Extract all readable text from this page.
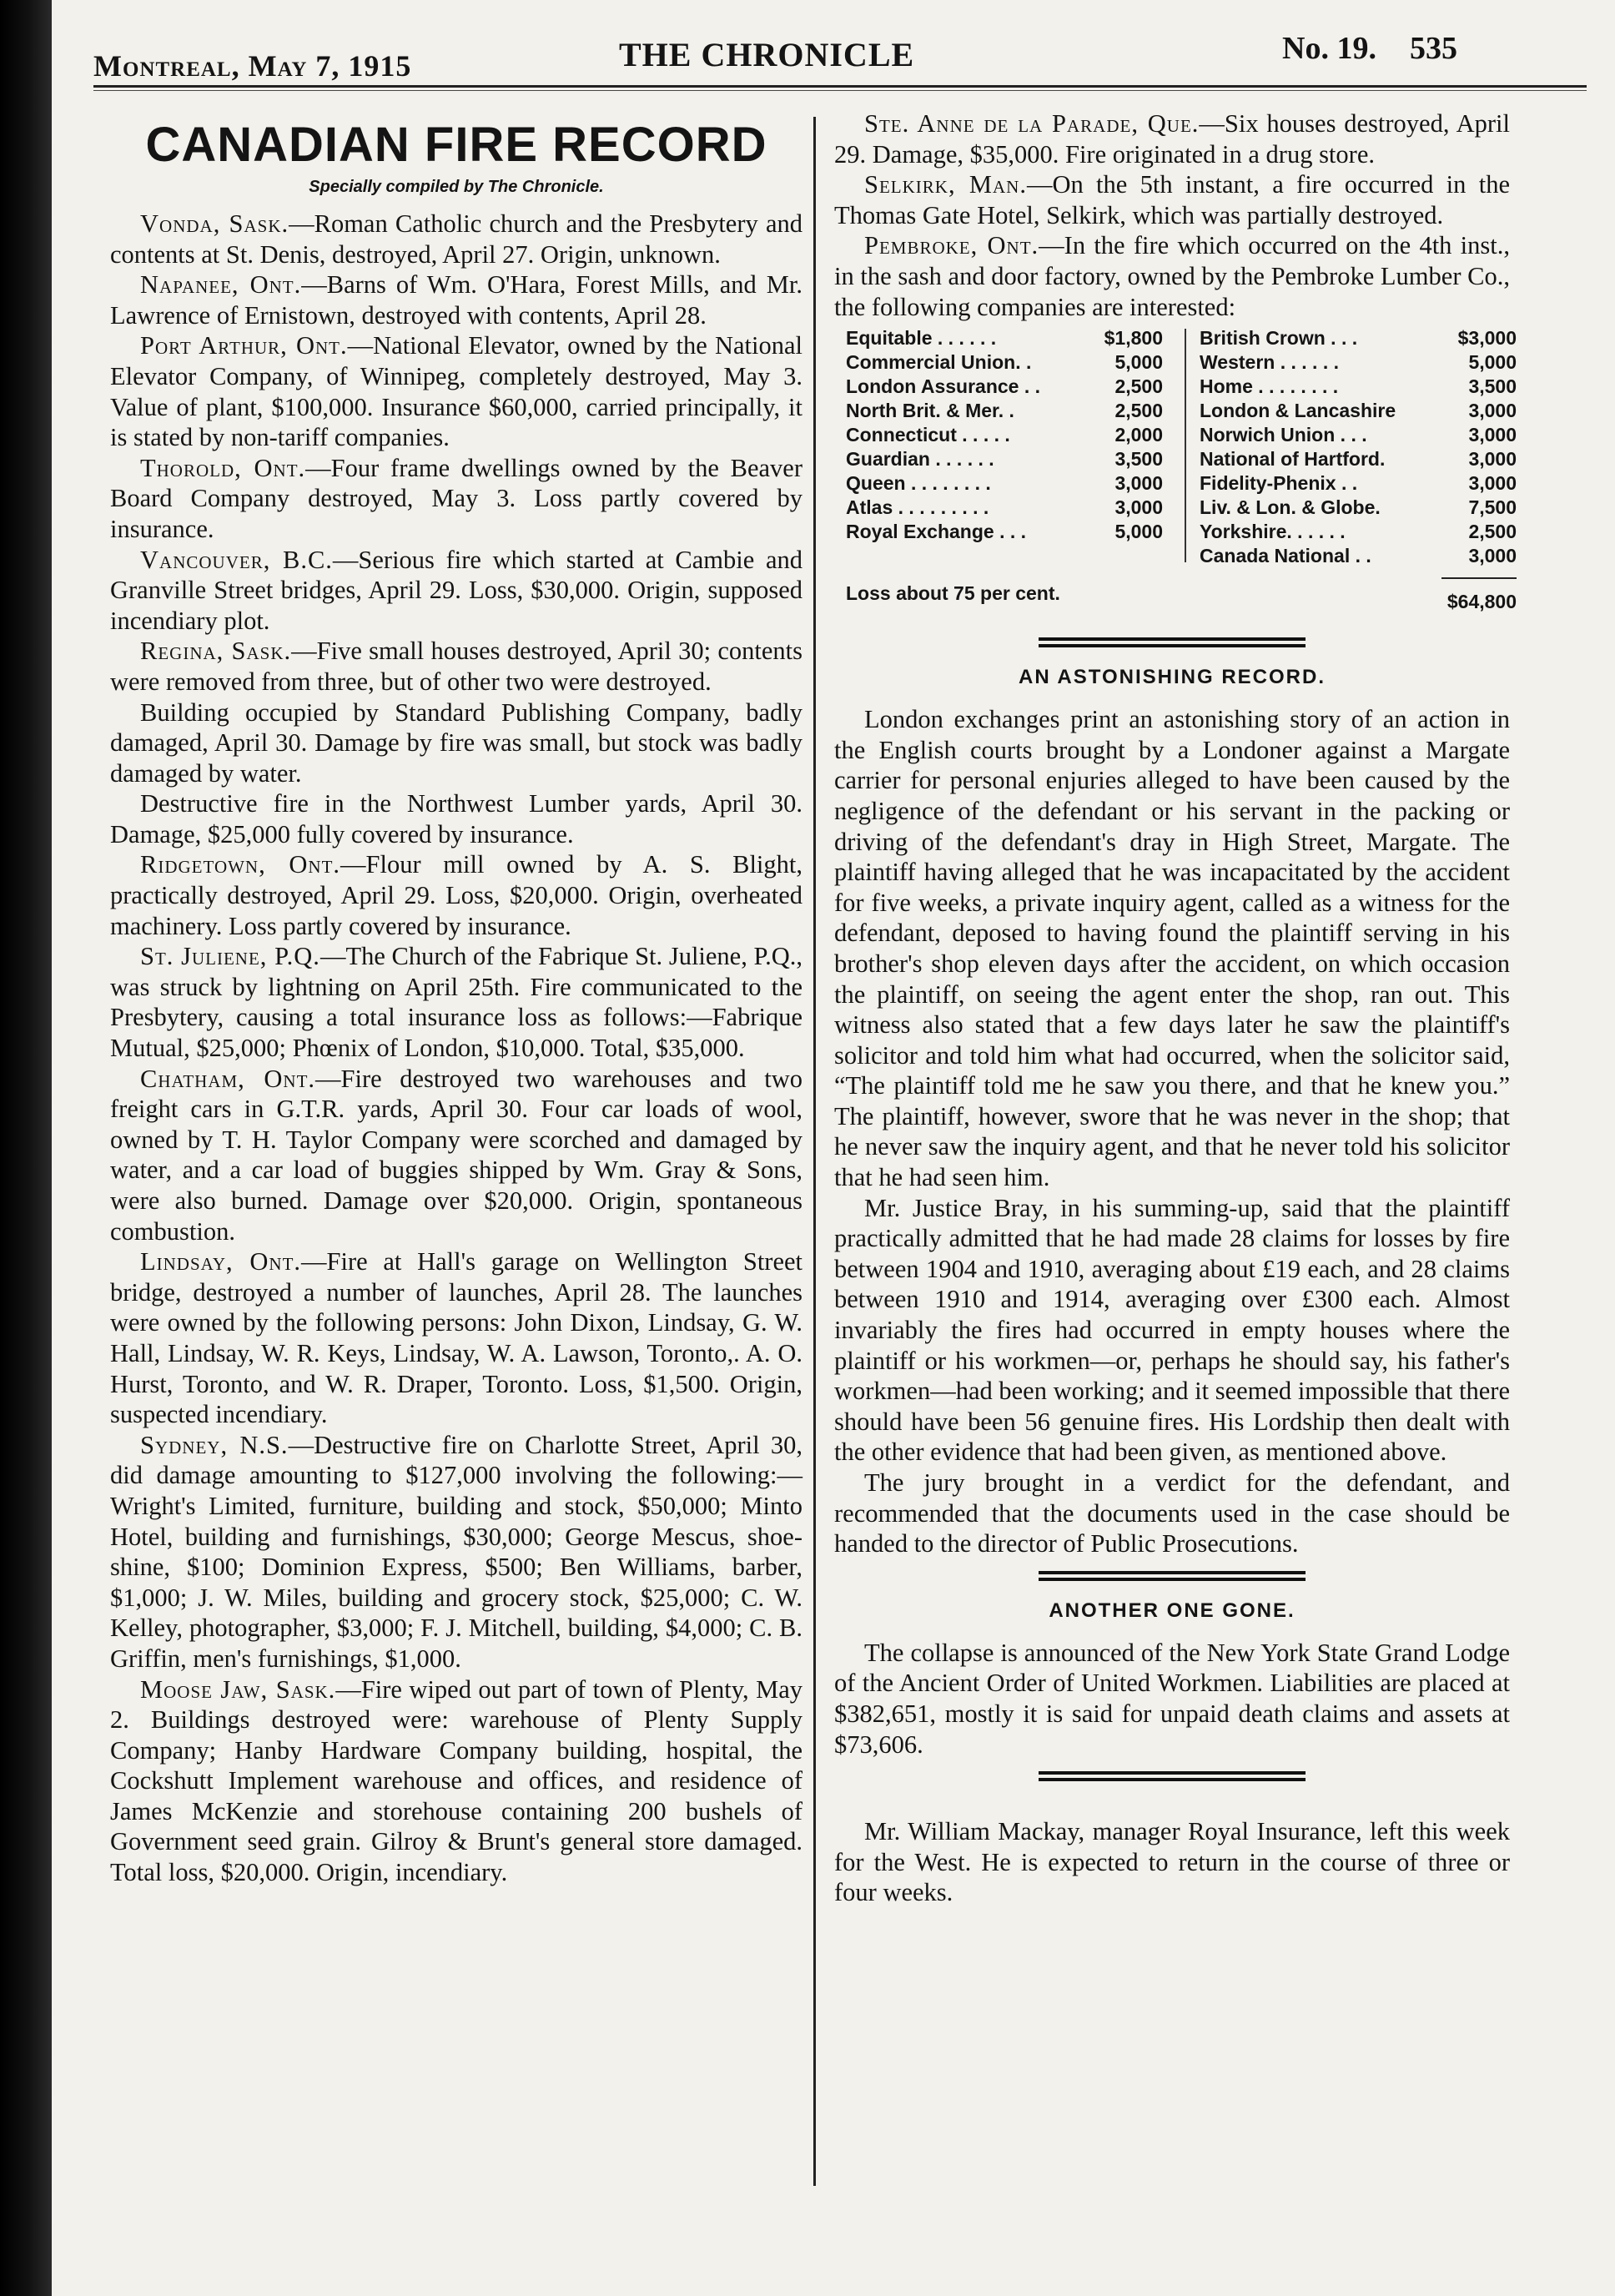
Montreal, May 7, 1915	THE CHRONICLE	No. 19. 535
CANADIAN FIRE RECORD
Specially compiled by The Chronicle.

Vonda, Sask.—Roman Catholic church and the Presbytery and contents at St. Denis, destroyed, April 27. Origin, unknown.

Napanee, Ont.—Barns of Wm. O'Hara, Forest Mills, and Mr. Lawrence of Ernistown, destroyed with contents, April 28.

Port Arthur, Ont.—National Elevator, owned by the National Elevator Company, of Winnipeg, completely destroyed, May 3. Value of plant, $100,000. Insurance $60,000, carried principally, it is stated by non-tariff companies.

Thorold, Ont.—Four frame dwellings owned by the Beaver Board Company destroyed, May 3. Loss partly covered by insurance.

Vancouver, B.C.—Serious fire which started at Cambie and Granville Street bridges, April 29. Loss, $30,000. Origin, supposed incendiary plot.

Regina, Sask.—Five small houses destroyed, April 30; contents were removed from three, but of other two were destroyed.

Building occupied by Standard Publishing Company, badly damaged, April 30. Damage by fire was small, but stock was badly damaged by water.

Destructive fire in the Northwest Lumber yards, April 30. Damage, $25,000 fully covered by insurance.

Ridgetown, Ont.—Flour mill owned by A. S. Blight, practically destroyed, April 29. Loss, $20,000. Origin, overheated machinery. Loss partly covered by insurance.

St. Juliene, P.Q.—The Church of the Fabrique St. Juliene, P.Q., was struck by lightning on April 25th. Fire communicated to the Presbytery, causing a total insurance loss as follows:—Fabrique Mutual, $25,000; Phœnix of London, $10,000. Total, $35,000.

Chatham, Ont.—Fire destroyed two warehouses and two freight cars in G.T.R. yards, April 30. Four car loads of wool, owned by T. H. Taylor Company were scorched and damaged by water, and a car load of buggies shipped by Wm. Gray & Sons, were also burned. Damage over $20,000. Origin, spontaneous combustion.

Lindsay, Ont.—Fire at Hall's garage on Wellington Street bridge, destroyed a number of launches, April 28. The launches were owned by the following persons: John Dixon, Lindsay, G. W. Hall, Lindsay, W. R. Keys, Lindsay, W. A. Lawson, Toronto,. A. O. Hurst, Toronto, and W. R. Draper, Toronto. Loss, $1,500. Origin, suspected incendiary.

Sydney, N.S.—Destructive fire on Charlotte Street, April 30, did damage amounting to $127,000 involving the following:—Wright's Limited, furniture, building and stock, $50,000; Minto Hotel, building and furnishings, $30,000; George Mescus, shoe-shine, $100; Dominion Express, $500; Ben Williams, barber, $1,000; J. W. Miles, building and grocery stock, $25,000; C. W. Kelley, photographer, $3,000; F. J. Mitchell, building, $4,000; C. B. Griffin, men's furnishings, $1,000.

Moose Jaw, Sask.—Fire wiped out part of town of Plenty, May 2. Buildings destroyed were: warehouse of Plenty Supply Company; Hanby Hardware Company building, hospital, the Cockshutt Implement warehouse and offices, and residence of James McKenzie and storehouse containing 200 bushels of Government seed grain. Gilroy & Brunt's general store damaged. Total loss, $20,000. Origin, incendiary.

Ste. Anne de la Parade, Que.—Six houses destroyed, April 29. Damage, $35,000. Fire originated in a drug store.

Selkirk, Man.—On the 5th instant, a fire occurred in the Thomas Gate Hotel, Selkirk, which was partially destroyed.

Pembroke, Ont.—In the fire which occurred on the 4th inst., in the sash and door factory, owned by the Pembroke Lumber Co., the following companies are interested:

Equitable . . . . . .	$1,800
Commercial Union. .	5,000
London Assurance . .	2,500
North Brit. & Mer. .	2,500
Connecticut . . . . .	2,000
Guardian . . . . . .	3,500
Queen . . . . . . . .	3,000
Atlas . . . . . . . . .	3,000
Royal Exchange . . .	5,000
British Crown . . .	$3,000
Western . . . . . .	5,000
Home . . . . . . . .	3,500
London & Lancashire	3,000
Norwich Union . . .	3,000
National of Hartford.	3,000
Fidelity-Phenix . .	3,000
Liv. & Lon. & Globe.	7,500
Yorkshire. . . . . .	2,500
Canada National . .	3,000
Loss about 75 per cent.	$64,800
AN ASTONISHING RECORD.

London exchanges print an astonishing story of an action in the English courts brought by a Londoner against a Margate carrier for personal enjuries alleged to have been caused by the negligence of the defendant or his servant in the packing or driving of the defendant's dray in High Street, Margate. The plaintiff having alleged that he was incapacitated by the accident for five weeks, a private inquiry agent, called as a witness for the defendant, deposed to having found the plaintiff serving in his brother's shop eleven days after the accident, on which occasion the plaintiff, on seeing the agent enter the shop, ran out. This witness also stated that a few days later he saw the plaintiff's solicitor and told him what had occurred, when the solicitor said, “The plaintiff told me he saw you there, and that he knew you.” The plaintiff, however, swore that he was never in the shop; that he never saw the inquiry agent, and that he never told his solicitor that he had seen him.

Mr. Justice Bray, in his summing-up, said that the plaintiff practically admitted that he had made 28 claims for losses by fire between 1904 and 1910, averaging about £19 each, and 28 claims between 1910 and 1914, averaging over £300 each. Almost invariably the fires had occurred in empty houses where the plaintiff or his workmen—or, perhaps he should say, his father's workmen—had been working; and it seemed impossible that there should have been 56 genuine fires. His Lordship then dealt with the other evidence that had been given, as mentioned above.

The jury brought in a verdict for the defendant, and recommended that the documents used in the case should be handed to the director of Public Prosecutions.

ANOTHER ONE GONE.

The collapse is announced of the New York State Grand Lodge of the Ancient Order of United Workmen. Liabilities are placed at $382,651, mostly it is said for unpaid death claims and assets at $73,606.

Mr. William Mackay, manager Royal Insurance, left this week for the West. He is expected to return in the course of three or four weeks.
